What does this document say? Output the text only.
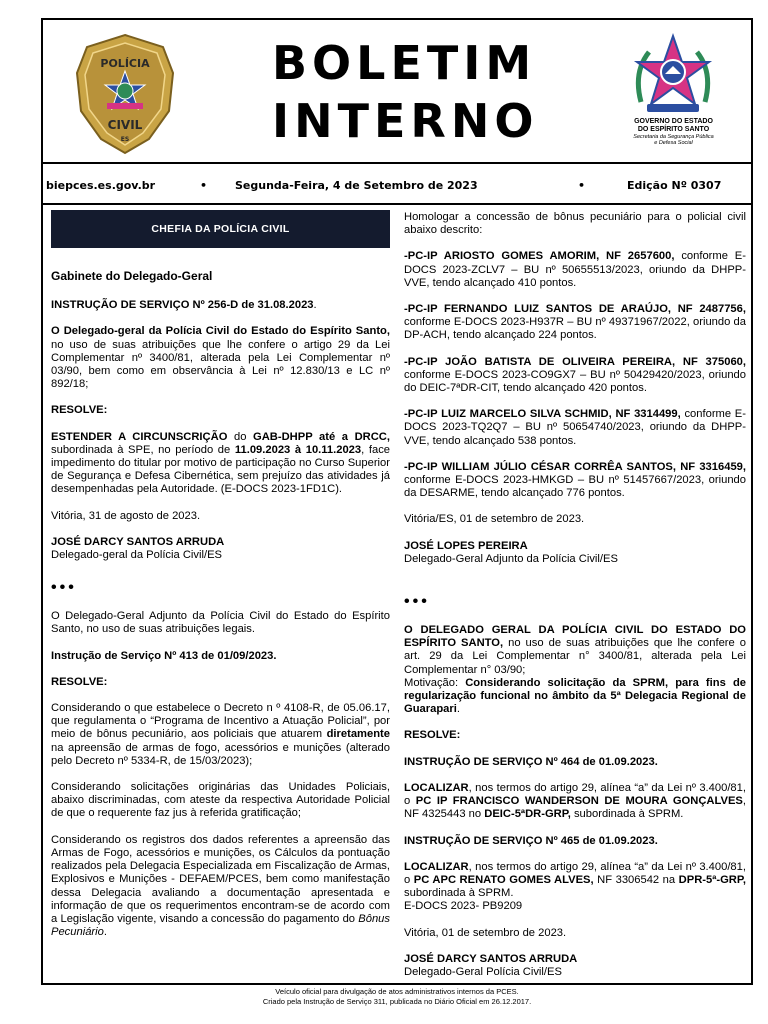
POLÍCIA
CIVIL
ES
BOLETIM
INTERNO	GOVERNO DO ESTADO
DO ESPÍRITO SANTO
Secretaria da Segurança Pública
e Defesa Social
biepces.es.gov.br	•	Segunda-Feira, 4 de Setembro de 2023	•	Edição Nº 0307
CHEFIA DA POLÍCIA CIVIL

Gabinete do Delegado-Geral

INSTRUÇÃO DE SERVIÇO Nº 256-D de 31.08.2023.

O Delegado-geral da Polícia Civil do Estado do Espírito Santo, no uso de suas atribuições que lhe confere o artigo 29 da Lei Complementar nº 3400/81, alterada pela Lei Complementar nº 03/90, bem como em observância à Lei nº 12.830/13 e LC nº 892/18;

RESOLVE:

ESTENDER A CIRCUNSCRIÇÃO do GAB-DHPP até a DRCC, subordinada à SPE, no período de 11.09.2023 à 10.11.2023, face impedimento do titular por motivo de participação no Curso Superior de Segurança e Defesa Cibernética, sem prejuízo das atividades já desempenhadas pela Autoridade. (E-DOCS 2023-1FD1C).

Vitória, 31 de agosto de 2023.

JOSÉ DARCY SANTOS ARRUDA
Delegado-geral da Polícia Civil/ES

•••

O Delegado-Geral Adjunto da Polícia Civil do Estado do Espírito Santo, no uso de suas atribuições legais.

Instrução de Serviço Nº 413 de 01/09/2023.

RESOLVE:

Considerando o que estabelece o Decreto n º 4108-R, de 05.06.17, que regulamenta o “Programa de Incentivo a Atuação Policial”, por meio de bônus pecuniário, aos policiais que atuarem diretamente na apreensão de armas de fogo, acessórios e munições (alterado pelo Decreto nº 5334-R, de 15/03/2023);

Considerando solicitações originárias das Unidades Policiais, abaixo discriminadas, com ateste da respectiva Autoridade Policial de que o requerente faz jus à referida gratificação;

Considerando os registros dos dados referentes a apreensão das Armas de Fogo, acessórios e munições, os Cálculos da pontuação realizados pela Delegacia Especializada em Fiscalização de Armas, Explosivos e Munições - DEFAEM/PCES, bem como manifestação dessa Delegacia avaliando a documentação apresentada e informação de que os requerimentos encontram-se de acordo com a Legislação vigente, visando a concessão do pagamento do Bônus Pecuniário.

Homologar a concessão de bônus pecuniário para o policial civil abaixo descrito:

-PC-IP ARIOSTO GOMES AMORIM, NF 2657600, conforme E-DOCS 2023-ZCLV7 – BU nº 50655513/2023, oriundo da DHPP-VVE, tendo alcançado 410 pontos.

-PC-IP FERNANDO LUIZ SANTOS DE ARAÚJO, NF 2487756, conforme E-DOCS 2023-H937R – BU nº 49371967/2022, oriundo da DP-ACH, tendo alcançado 224 pontos.

-PC-IP JOÃO BATISTA DE OLIVEIRA PEREIRA, NF 375060, conforme E-DOCS 2023-CO9GX7 – BU nº 50429420/2023, oriundo do DEIC-7ªDR-CIT, tendo alcançado 420 pontos.

-PC-IP LUIZ MARCELO SILVA SCHMID, NF 3314499, conforme E-DOCS 2023-TQ2Q7 – BU nº 50654740/2023, oriundo da DHPP-VVE, tendo alcançado 538 pontos.

-PC-IP WILLIAM JÚLIO CÉSAR CORRÊA SANTOS, NF 3316459, conforme E-DOCS 2023-HMKGD – BU nº 51457667/2023, oriundo da DESARME, tendo alcançado 776 pontos.

Vitória/ES, 01 de setembro de 2023.

JOSÉ LOPES PEREIRA
Delegado-Geral Adjunto da Polícia Civil/ES

•••

O DELEGADO GERAL DA POLÍCIA CIVIL DO ESTADO DO ESPÍRITO SANTO, no uso de suas atribuições que lhe confere o art. 29 da Lei Complementar n° 3400/81, alterada pela Lei Complementar n° 03/90;

Motivação: Considerando solicitação da SPRM, para fins de regularização funcional no âmbito da 5ª Delegacia Regional de Guarapari.

RESOLVE:

INSTRUÇÃO DE SERVIÇO Nº 464 de 01.09.2023.

LOCALIZAR, nos termos do artigo 29, alínea “a” da Lei nº 3.400/81, o PC IP FRANCISCO WANDERSON DE MOURA GONÇALVES, NF 4325443 no DEIC-5ªDR-GRP, subordinada à SPRM.

INSTRUÇÃO DE SERVIÇO Nº 465 de 01.09.2023.

LOCALIZAR, nos termos do artigo 29, alínea “a” da Lei nº 3.400/81, o PC APC RENATO GOMES ALVES, NF 3306542 na DPR-5ª-GRP, subordinada à SPRM.
E-DOCS 2023- PB9209

Vitória, 01 de setembro de 2023.

JOSÉ DARCY SANTOS ARRUDA
Delegado-Geral Polícia Civil/ES

Veículo oficial para divulgação de atos administrativos internos da PCES.
Criado pela Instrução de Serviço 311, publicada no Diário Oficial em 26.12.2017.
